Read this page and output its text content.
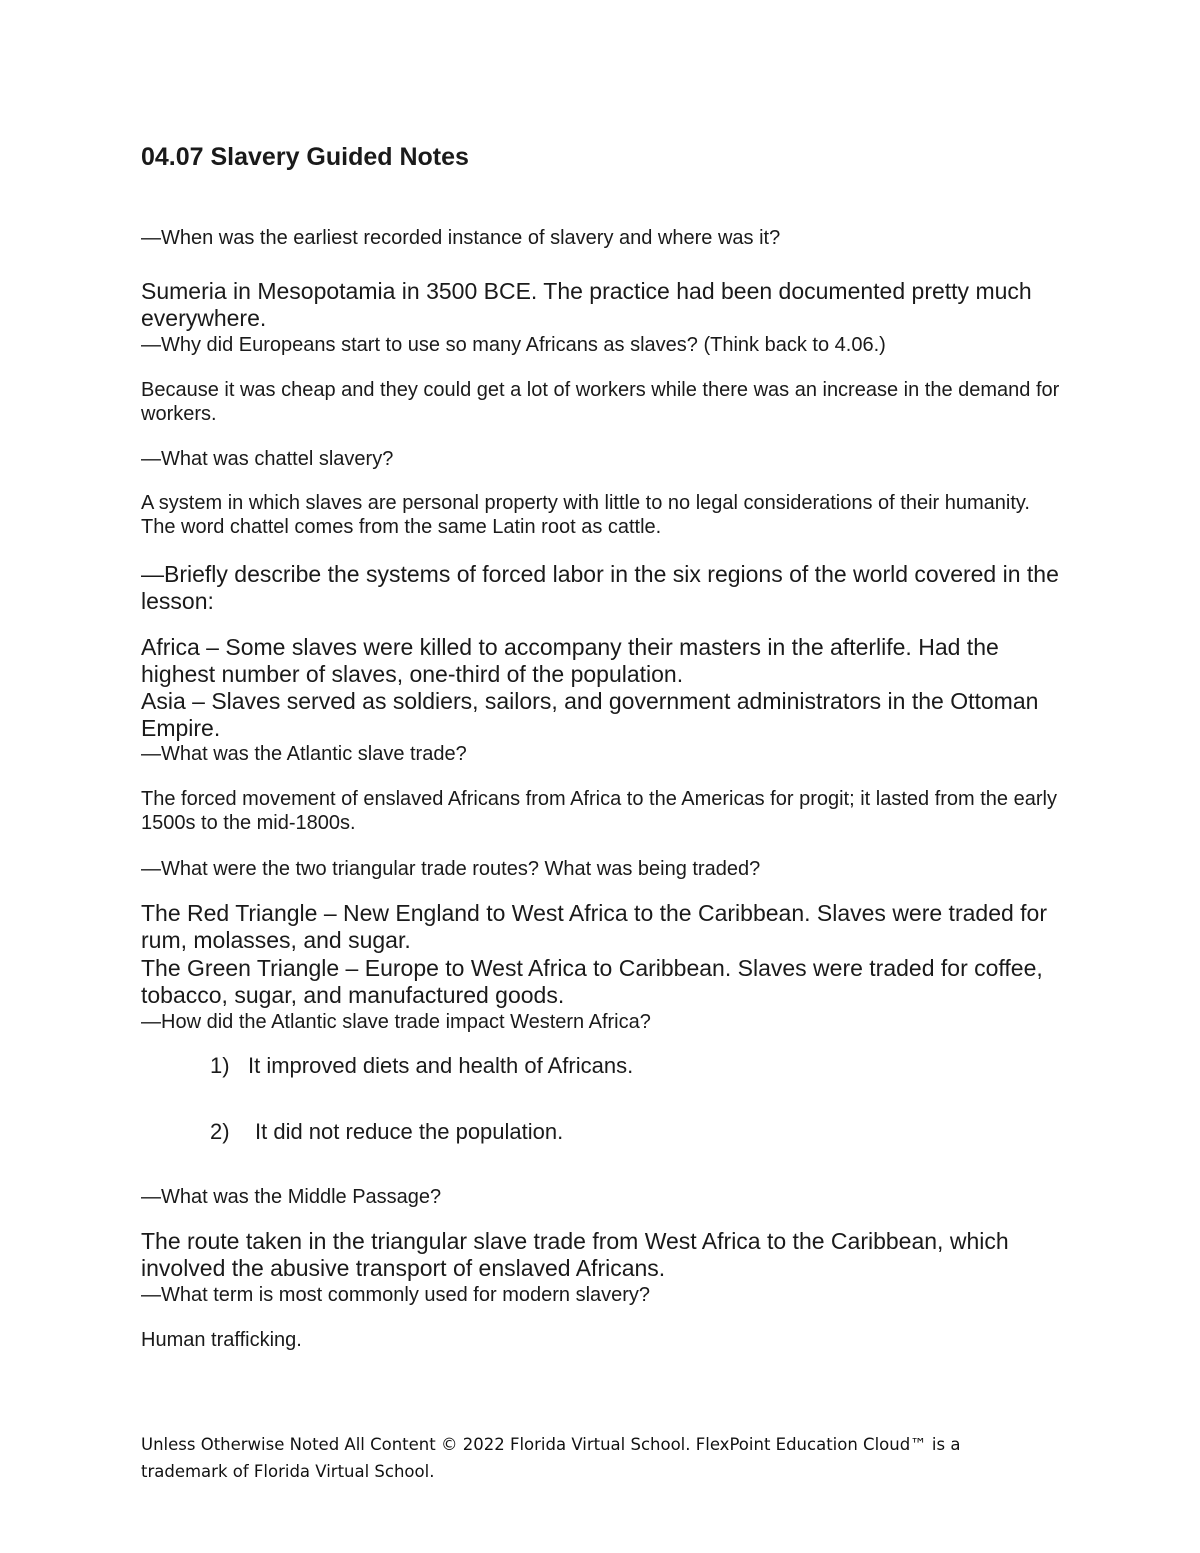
04.07 Slavery Guided Notes

—When was the earliest recorded instance of slavery and where was it?

Sumeria in Mesopotamia in 3500 BCE. The practice had been documented pretty much everywhere.

—Why did Europeans start to use so many Africans as slaves? (Think back to 4.06.)

Because it was cheap and they could get a lot of workers while there was an increase in the demand for workers.

—What was chattel slavery?

A system in which slaves are personal property with little to no legal considerations of their humanity. The word chattel comes from the same Latin root as cattle.

—Briefly describe the systems of forced labor in the six regions of the world covered in the lesson:

Africa – Some slaves were killed to accompany their masters in the afterlife. Had the highest number of slaves, one-third of the population.

Asia – Slaves served as soldiers, sailors, and government administrators in the Ottoman Empire.

—What was the Atlantic slave trade?

The forced movement of enslaved Africans from Africa to the Americas for progit; it lasted from the early 1500s to the mid-1800s.

—What were the two triangular trade routes? What was being traded?

The Red Triangle – New England to West Africa to the Caribbean. Slaves were traded for rum, molasses, and sugar.

The Green Triangle – Europe to West Africa to Caribbean. Slaves were traded for coffee, tobacco, sugar, and manufactured goods.

—How did the Atlantic slave trade impact Western Africa?

1) It improved diets and health of Africans.

2) It did not reduce the population.

—What was the Middle Passage?

The route taken in the triangular slave trade from West Africa to the Caribbean, which involved the abusive transport of enslaved Africans.

—What term is most commonly used for modern slavery?

Human trafficking.

Unless Otherwise Noted All Content © 2022 Florida Virtual School. FlexPoint Education Cloud™ is a trademark of Florida Virtual School.
